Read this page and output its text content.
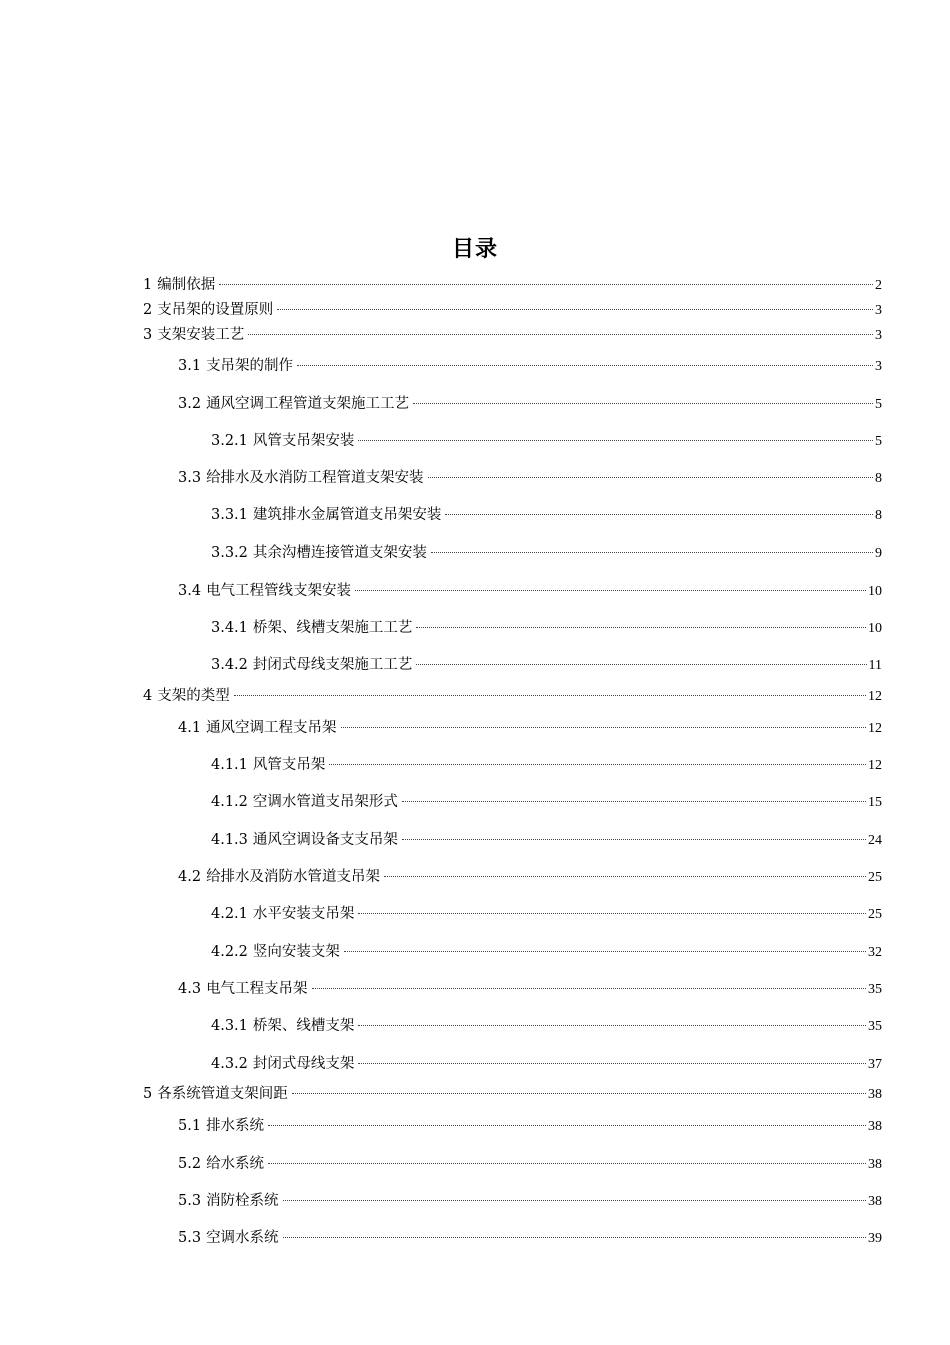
目录
1 编制依据	2
2 支吊架的设置原则	3
3 支架安装工艺	3
3.1 支吊架的制作	3
3.2 通风空调工程管道支架施工工艺	5
3.2.1 风管支吊架安装	5
3.3 给排水及水消防工程管道支架安装	8
3.3.1 建筑排水金属管道支吊架安装	8
3.3.2 其余沟槽连接管道支架安装	9
3.4 电气工程管线支架安装	10
3.4.1 桥架、线槽支架施工工艺	10
3.4.2 封闭式母线支架施工工艺	11
4 支架的类型	12
4.1 通风空调工程支吊架	12
4.1.1 风管支吊架	12
4.1.2 空调水管道支吊架形式	15
4.1.3 通风空调设备支支吊架	24
4.2 给排水及消防水管道支吊架	25
4.2.1 水平安装支吊架	25
4.2.2 竖向安装支架	32
4.3 电气工程支吊架	35
4.3.1 桥架、线槽支架	35
4.3.2 封闭式母线支架	37
5 各系统管道支架间距	38
5.1 排水系统	38
5.2 给水系统	38
5.3 消防栓系统	38
5.3 空调水系统	39
